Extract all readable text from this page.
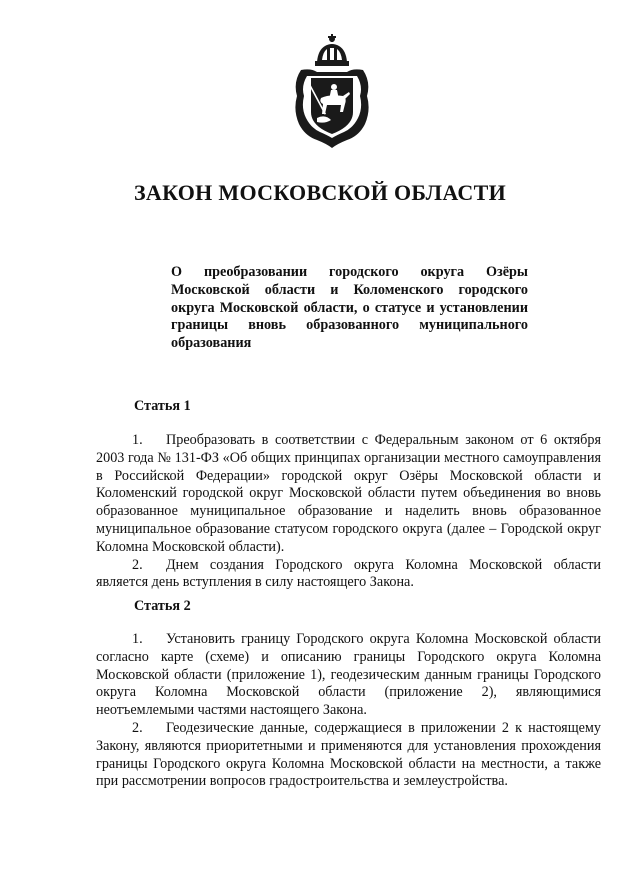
ЗАКОН МОСКОВСКОЙ ОБЛАСТИ

О преобразовании городского округа Озёры Московской области и Коломенского городского округа Московской области, о статусе и установлении границы вновь образованного муниципального образования

Статья 1

1. Преобразовать в соответствии с Федеральным законом от 6 октября 2003 года № 131-ФЗ «Об общих принципах организации местного самоуправления в Российской Федерации» городской округ Озёры Московской области и Коломенский городской округ Московской области путем объединения во вновь образованное муниципальное образование и наделить вновь образованное муниципальное образование статусом городского округа (далее – Городской округ Коломна Московской области).

2. Днем создания Городского округа Коломна Московской области является день вступления в силу настоящего Закона.

Статья 2

1. Установить границу Городского округа Коломна Московской области согласно карте (схеме) и описанию границы Городского округа Коломна Московской области (приложение 1), геодезическим данным границы Городского округа Коломна Московской области (приложение 2), являющимися неотъемлемыми частями настоящего Закона.

2. Геодезические данные, содержащиеся в приложении 2 к настоящему Закону, являются приоритетными и применяются для установления прохождения границы Городского округа Коломна Московской области на местности, а также при рассмотрении вопросов градостроительства и землеустройства.
